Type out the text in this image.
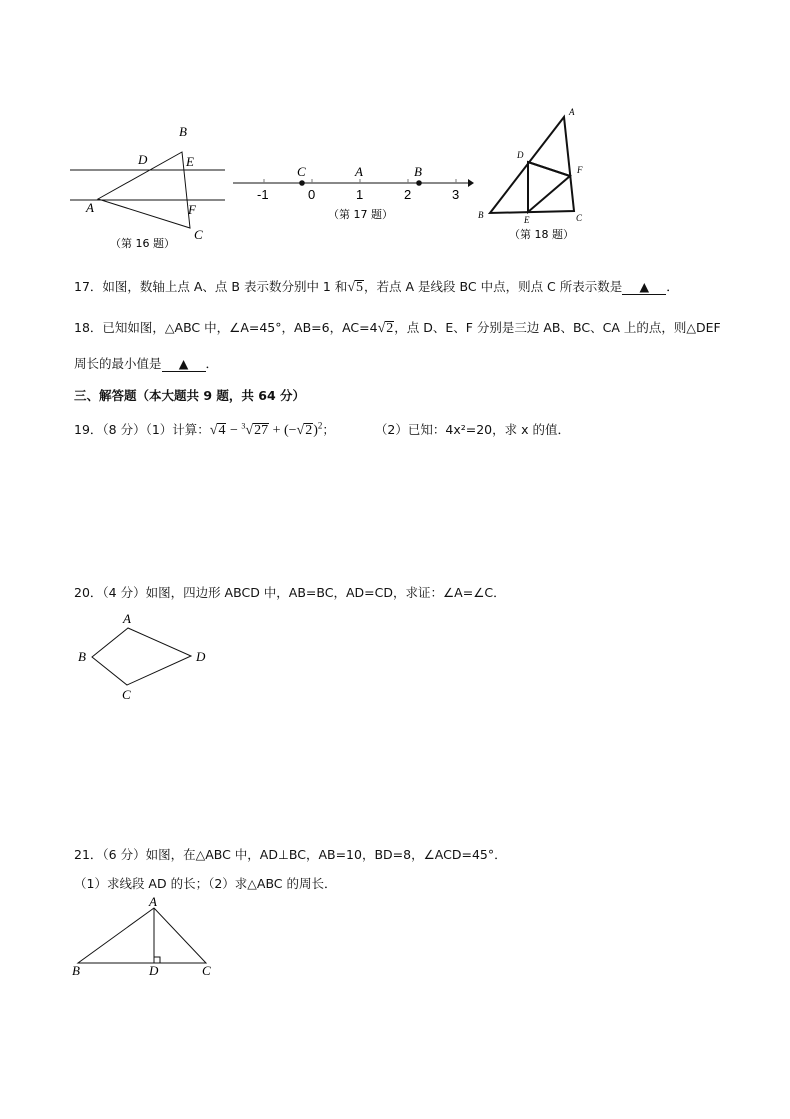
B
D	E
A	F
C
（第 16 题）
-1	0	1	2	3
C	A	B
（第 17 题）
A
D
F
B	E	C
（第 18 题）
17．如图，数轴上点 A、点 B 表示数分别中 1 和√5，若点 A 是线段 BC 中点，则点 C 所表示数是 ▲ ．
18．已知如图，△ABC 中，∠A=45°，AB=6，AC=4√2，点 D、E、F 分别是三边 AB、BC、CA 上的点，则△DEF
周长的最小值是 ▲ ．
三、解答题（本大题共 9 题，共 64 分）
19．（8 分）（1）计算：$√4 - ^3√27 + (-√2)^2$；	（2）已知：4x²=20，求 x 的值．
20．（4 分）如图，四边形 ABCD 中，AB=BC，AD=CD，求证：∠A=∠C．
A
B	D
C
21．（6 分）如图，在△ABC 中，AD⊥BC，AB=10，BD=8，∠ACD=45°．
（1）求线段 AD 的长；（2）求△ABC 的周长．
A
B	D	C
